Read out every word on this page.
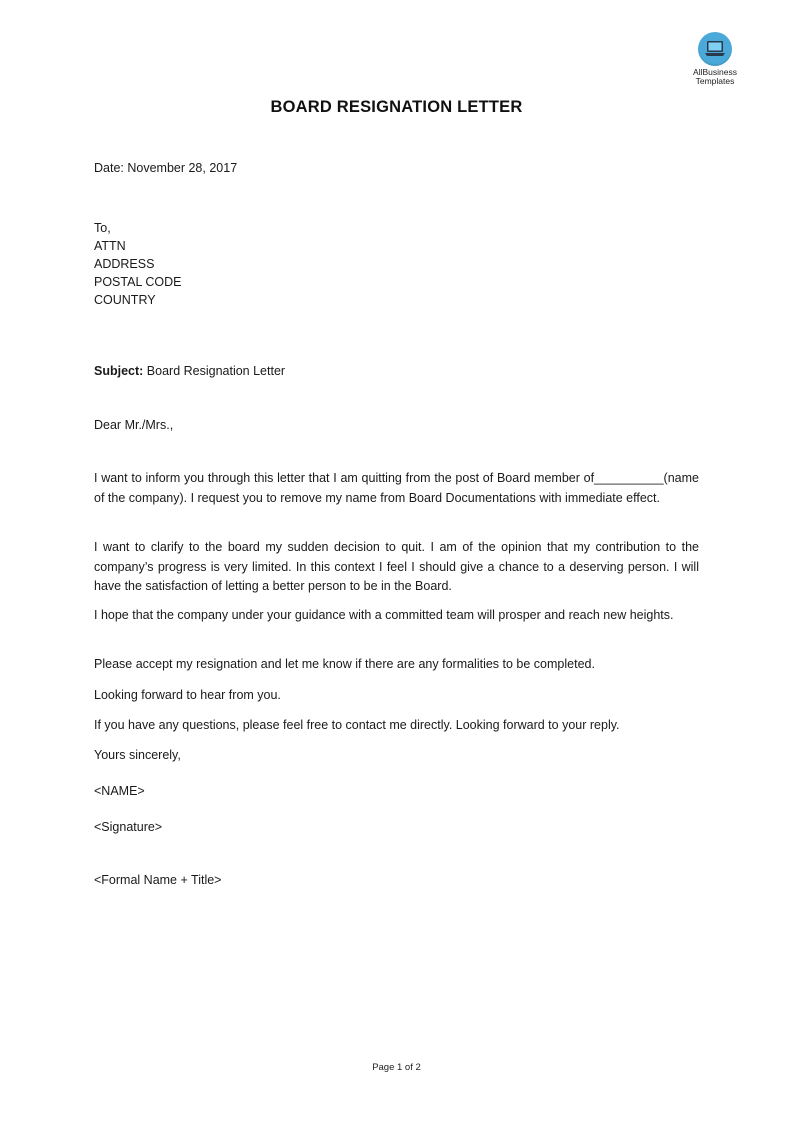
AllBusiness
Templates
BOARD RESIGNATION LETTER
Date: November 28, 2017
To,
ATTN
ADDRESS
POSTAL CODE
COUNTRY
Subject: Board Resignation Letter
Dear Mr./Mrs.,
I want to inform you through this letter that I am quitting from the post of Board member of__________(name of the company). I request you to remove my name from Board Documentations with immediate effect.
I want to clarify to the board my sudden decision to quit. I am of the opinion that my contribution to the company’s progress is very limited. In this context I feel I should give a chance to a deserving person. I will have the satisfaction of letting a better person to be in the Board.
I hope that the company under your guidance with a committed team will prosper and reach new heights.
Please accept my resignation and let me know if there are any formalities to be completed.
Looking forward to hear from you.
If you have any questions, please feel free to contact me directly. Looking forward to your reply.
Yours sincerely,
<NAME>
<Signature>
<Formal Name + Title>
Page 1 of 2
